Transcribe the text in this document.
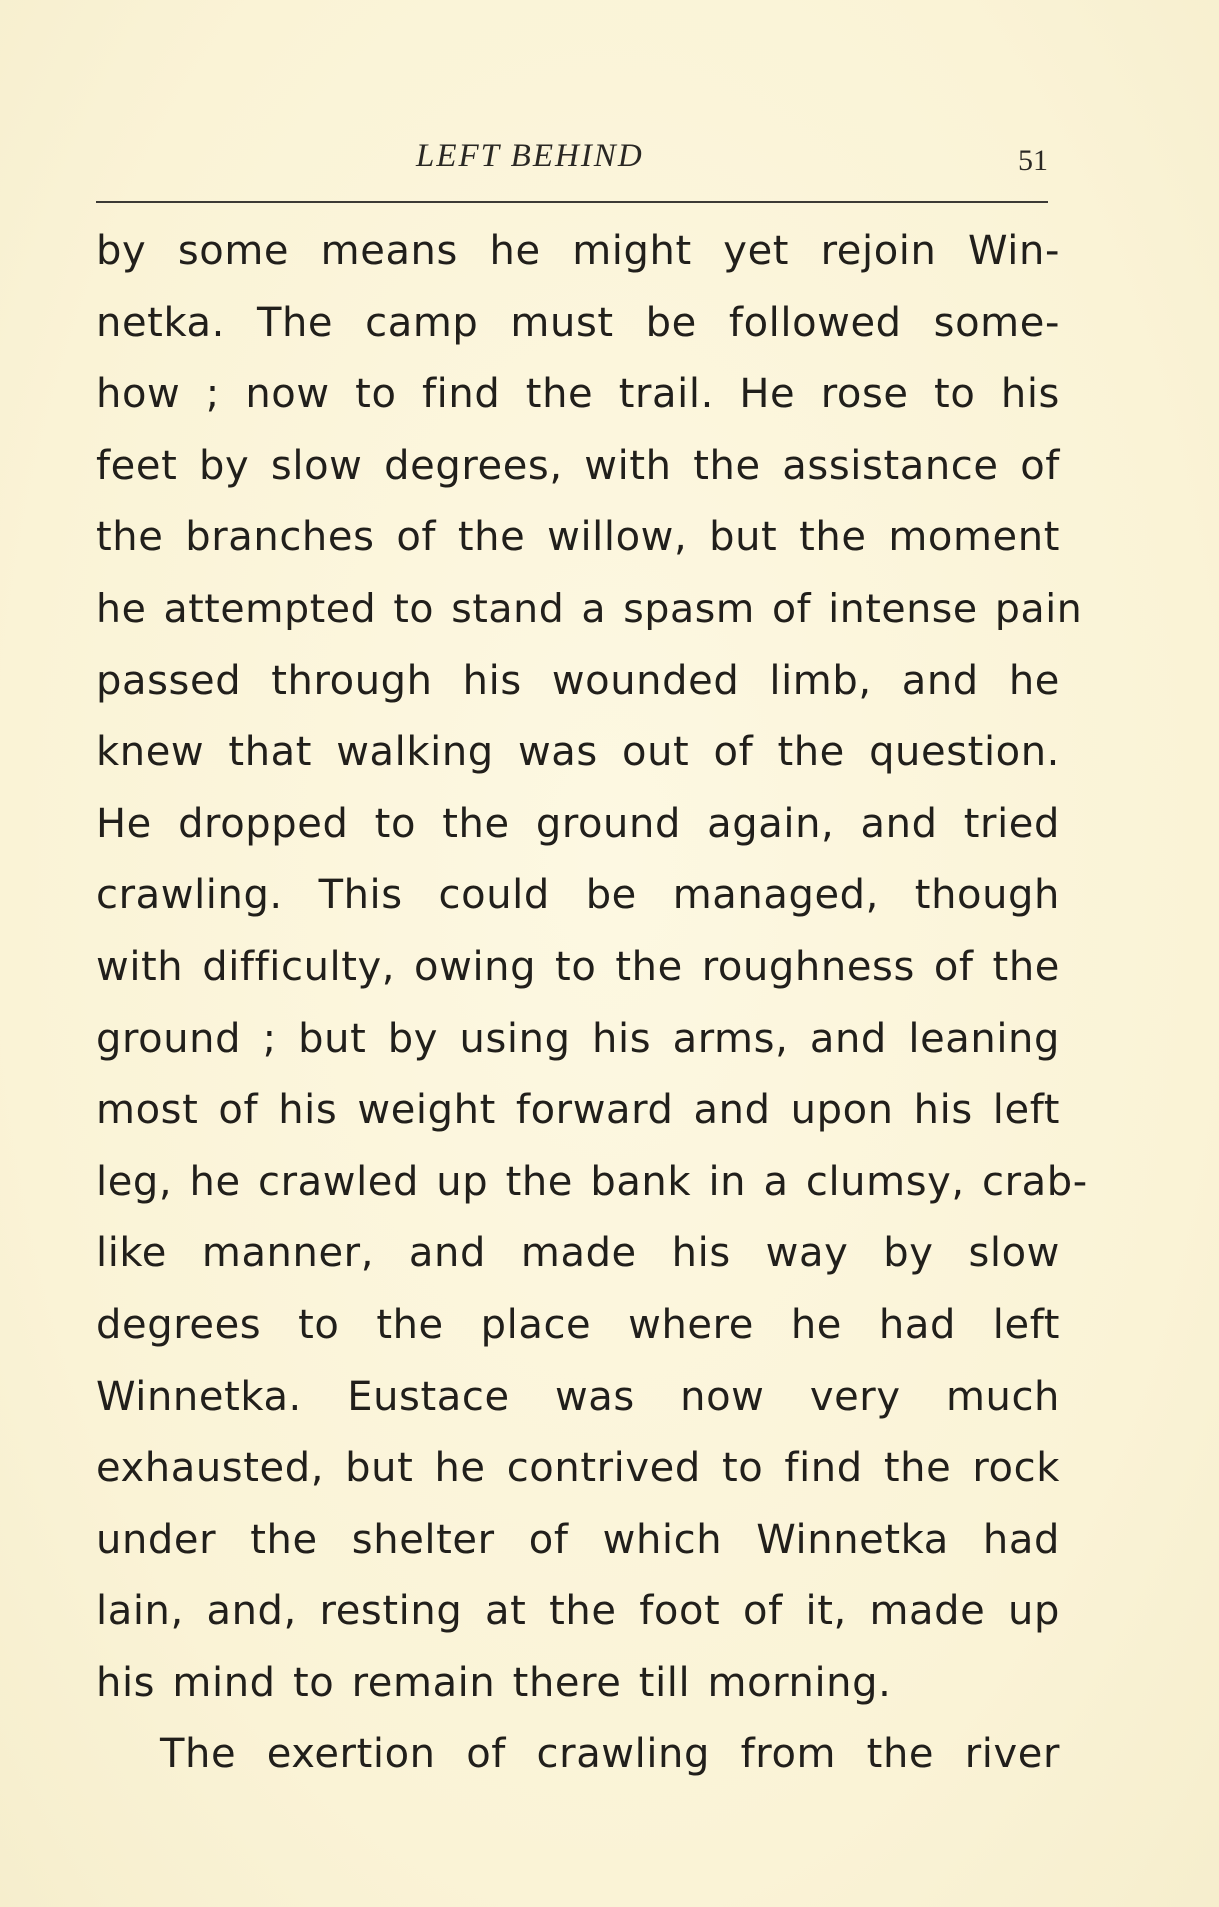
LEFT BEHIND	51
by some means he might yet rejoin Win-
netka. The camp must be followed some-
how ; now to find the trail. He rose to his
feet by slow degrees, with the assistance of
the branches of the willow, but the moment
he attempted to stand a spasm of intense pain
passed through his wounded limb, and he
knew that walking was out of the question.
He dropped to the ground again, and tried
crawling. This could be managed, though
with difficulty, owing to the roughness of the
ground ; but by using his arms, and leaning
most of his weight forward and upon his left
leg, he crawled up the bank in a clumsy, crab-
like manner, and made his way by slow
degrees to the place where he had left
Winnetka. Eustace was now very much
exhausted, but he contrived to find the rock
under the shelter of which Winnetka had
lain, and, resting at the foot of it, made up
his mind to remain there till morning.
The exertion of crawling from the river
